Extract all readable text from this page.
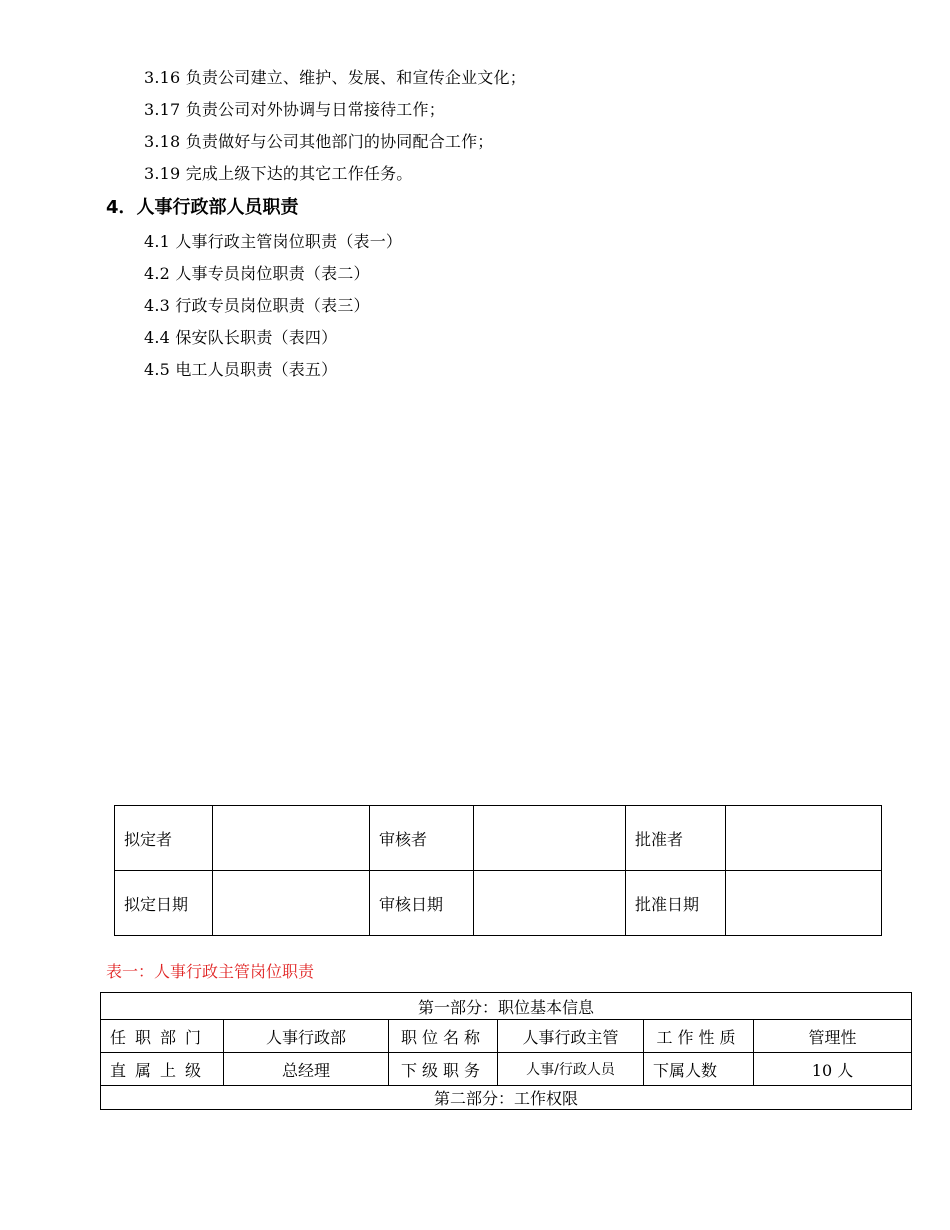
3.16 负责公司建立、维护、发展、和宣传企业文化；
3.17 负责公司对外协调与日常接待工作；
3.18 负责做好与公司其他部门的协同配合工作；
3.19 完成上级下达的其它工作任务。
4．人事行政部人员职责
4.1 人事行政主管岗位职责（表一）
4.2 人事专员岗位职责（表二）
4.3 行政专员岗位职责（表三）
4.4 保安队长职责（表四）
4.5 电工人员职责（表五）
拟定者		审核者		批准者	
拟定日期		审核日期		批准日期	
表一：人事行政主管岗位职责
第一部分：职位基本信息					
任职部门	人事行政部	职位名称	人事行政主管	工作性质	管理性
直属上级	总经理	下级职务	人事/行政人员	下属人数	10 人
第二部分：工作权限					
